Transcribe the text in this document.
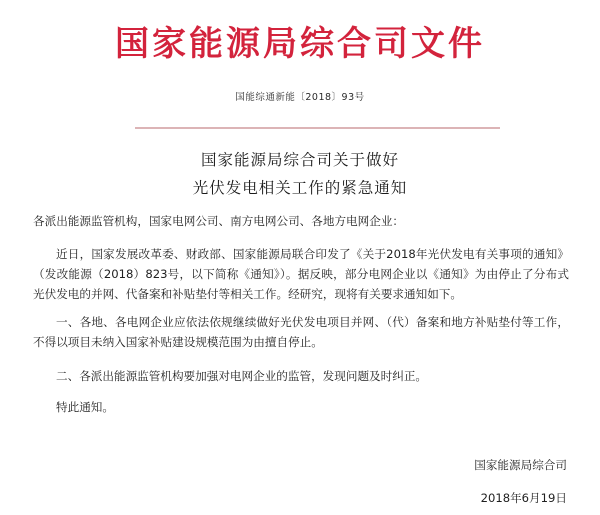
国家能源局综合司文件
国能综通新能〔2018〕93号
国家能源局综合司关于做好
光伏发电相关工作的紧急通知

各派出能源监管机构，国家电网公司、南方电网公司、各地方电网企业：

近日，国家发展改革委、财政部、国家能源局联合印发了《关于2018年光伏发电有关事项的通知》（发改能源（2018）823号，以下简称《通知》）。据反映，部分电网企业以《通知》为由停止了分布式光伏发电的并网、代备案和补贴垫付等相关工作。经研究，现将有关要求通知如下。

一、各地、各电网企业应依法依规继续做好光伏发电项目并网、（代）备案和地方补贴垫付等工作，不得以项目未纳入国家补贴建设规模范围为由擅自停止。

二、各派出能源监管机构要加强对电网企业的监管，发现问题及时纠正。

特此通知。

国家能源局综合司
2018年6月19日
